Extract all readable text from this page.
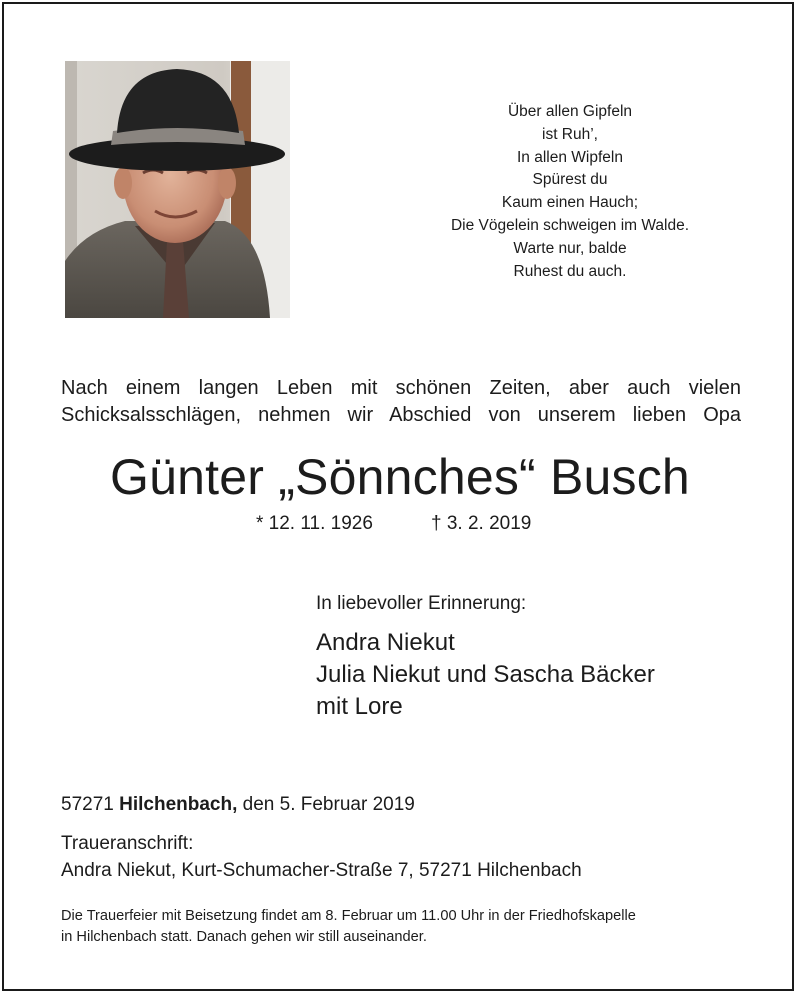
Über allen Gipfeln
ist Ruh’,
In allen Wipfeln
Spürest du
Kaum einen Hauch;
Die Vögelein schweigen im Walde.
Warte nur, balde
Ruhest du auch.
Nach einem langen Leben mit schönen Zeiten, aber auch vielen
Schicksalsschlägen, nehmen wir Abschied von unserem lieben Opa
Günter „Sönnches“ Busch
* 12. 11. 1926	† 3. 2. 2019
In liebevoller Erinnerung:
Andra Niekut
Julia Niekut und Sascha Bäcker
mit Lore
57271 Hilchenbach, den 5. Februar 2019
Traueranschrift:
Andra Niekut, Kurt-Schumacher-Straße 7, 57271 Hilchenbach
Die Trauerfeier mit Beisetzung findet am 8. Februar um 11.00 Uhr in der Friedhofskapelle
in Hilchenbach statt. Danach gehen wir still auseinander.
